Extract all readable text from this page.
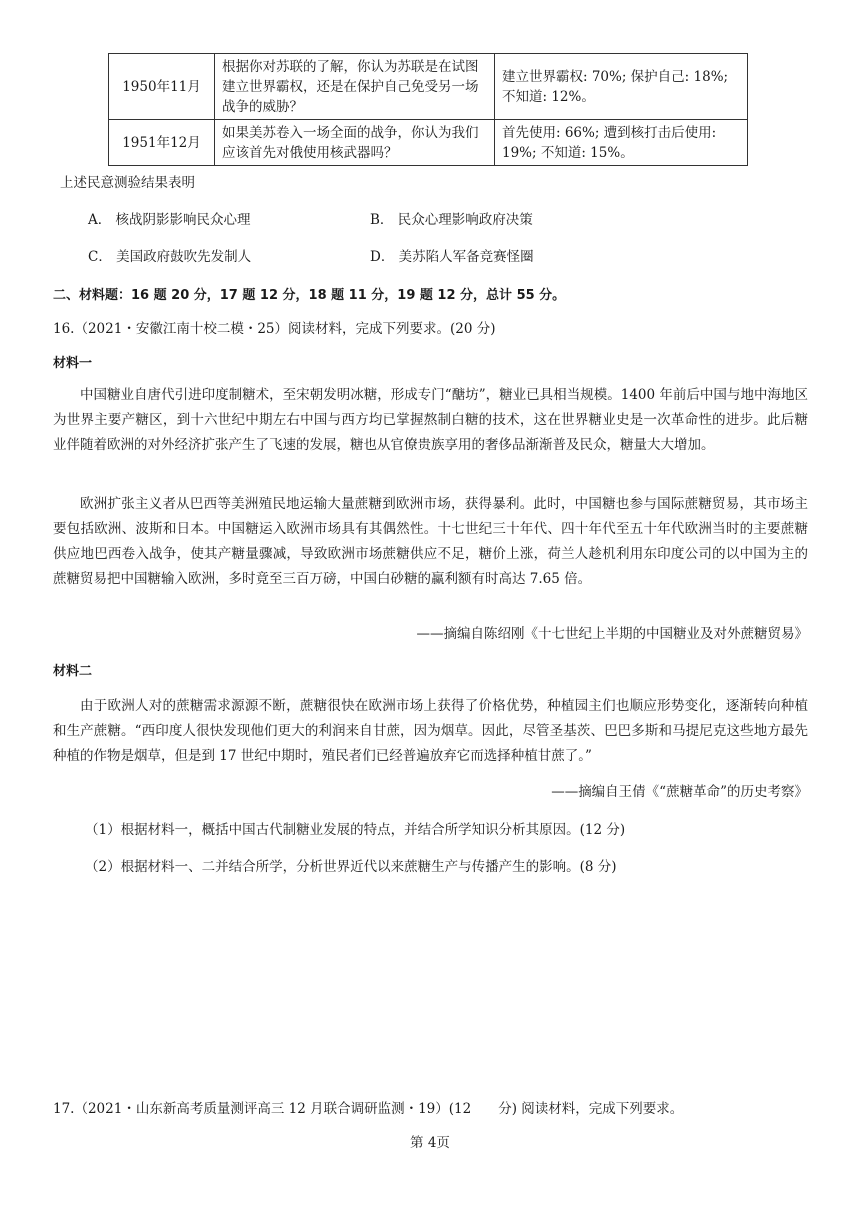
1950年11月	根据你对苏联的了解，你认为苏联是在试图建立世界霸权，还是在保护自己免受另一场战争的威胁？	建立世界霸权: 70%; 保护自己: 18%; 不知道: 12%。
1951年12月	如果美苏卷入一场全面的战争，你认为我们应该首先对俄使用核武器吗？	首先使用: 66%; 遭到核打击后使用: 19%; 不知道: 15%。
上述民意测验结果表明
A． 核战阴影影响民众心理	B． 民众心理影响政府决策
C． 美国政府鼓吹先发制人	D． 美苏陷人军备竞赛怪圈
二、材料题：16 题 20 分，17 题 12 分，18 题 11 分，19 题 12 分，总计 55 分。
16.（2021・安徽江南十校二模・25）阅读材料，完成下列要求。(20 分)
材料一
中国糖业自唐代引进印度制糖术，至宋朝发明冰糖，形成专门“醣坊”，糖业已具相当规模。1400 年前后中国与地中海地区为世界主要产糖区，到十六世纪中期左右中国与西方均已掌握熬制白糖的技术，这在世界糖业史是一次革命性的进步。此后糖业伴随着欧洲的对外经济扩张产生了飞速的发展，糖也从官僚贵族享用的奢侈品渐渐普及民众，糖量大大增加。
欧洲扩张主义者从巴西等美洲殖民地运输大量蔗糖到欧洲市场，获得暴利。此时，中国糖也参与国际蔗糖贸易，其市场主要包括欧洲、波斯和日本。中国糖运入欧洲市场具有其偶然性。十七世纪三十年代、四十年代至五十年代欧洲当时的主要蔗糖供应地巴西卷入战争，使其产糖量骤减，导致欧洲市场蔗糖供应不足，糖价上涨，荷兰人趁机利用东印度公司的以中国为主的蔗糖贸易把中国糖输入欧洲，多时竟至三百万磅，中国白砂糖的赢利额有时高达 7.65 倍。
——摘编自陈绍刚《十七世纪上半期的中国糖业及对外蔗糖贸易》
材料二
由于欧洲人对的蔗糖需求源源不断，蔗糖很快在欧洲市场上获得了价格优势，种植园主们也顺应形势变化，逐渐转向种植和生产蔗糖。“西印度人很快发现他们更大的利润来自甘蔗，因为烟草。因此，尽管圣基茨、巴巴多斯和马提尼克这些地方最先种植的作物是烟草，但是到 17 世纪中期时，殖民者们已经普遍放弃它而选择种植甘蔗了。”
——摘编自王倩《“蔗糖革命”的历史考察》
（1）根据材料一，概括中国古代制糖业发展的特点，并结合所学知识分析其原因。(12 分)
（2）根据材料一、二并结合所学，分析世界近代以来蔗糖生产与传播产生的影响。(8 分)
17.（2021・山东新高考质量测评高三 12 月联合调研监测・19）(12　　分) 阅读材料，完成下列要求。
第 4页
